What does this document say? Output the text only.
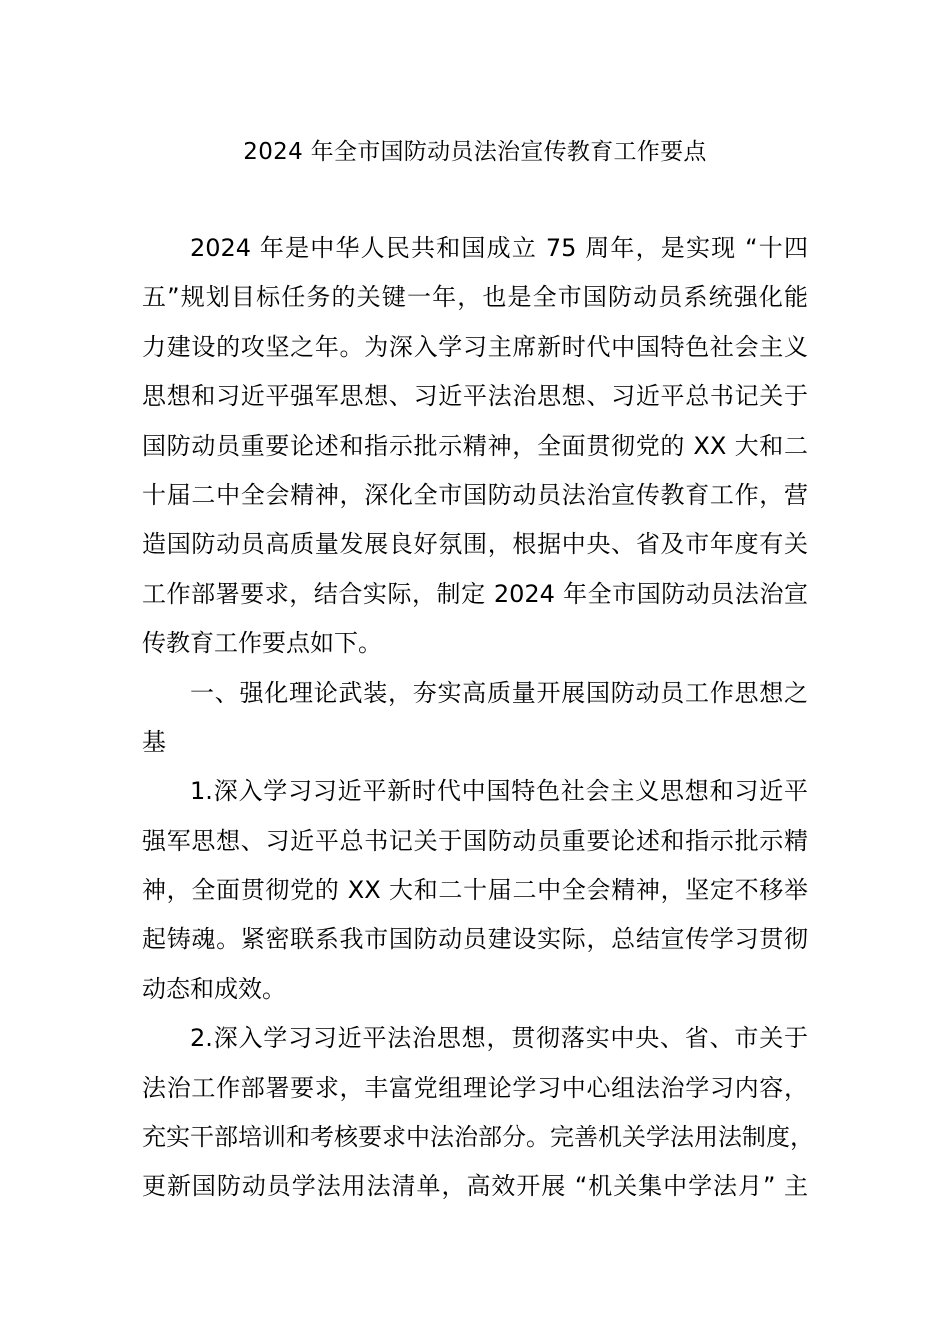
2024 年全市国防动员法治宣传教育工作要点
2024 年是中华人民共和国成立 75 周年，是实现 “十四
五”规划目标任务的关键一年，也是全市国防动员系统强化能
力建设的攻坚之年。为深入学习主席新时代中国特色社会主义
思想和习近平强军思想、习近平法治思想、习近平总书记关于
国防动员重要论述和指示批示精神，全面贯彻党的 XX 大和二
十届二中全会精神，深化全市国防动员法治宣传教育工作，营
造国防动员高质量发展良好氛围，根据中央、省及市年度有关
工作部署要求，结合实际，制定 2024 年全市国防动员法治宣
传教育工作要点如下。
一、强化理论武装，夯实高质量开展国防动员工作思想之
基
1.深入学习习近平新时代中国特色社会主义思想和习近平
强军思想、习近平总书记关于国防动员重要论述和指示批示精
神，全面贯彻党的 XX 大和二十届二中全会精神，坚定不移举
起铸魂。紧密联系我市国防动员建设实际，总结宣传学习贯彻
动态和成效。
2.深入学习习近平法治思想，贯彻落实中央、省、市关于
法治工作部署要求，丰富党组理论学习中心组法治学习内容，
充实干部培训和考核要求中法治部分。完善机关学法用法制度，
更新国防动员学法用法清单，高效开展 “机关集中学法月” 主
